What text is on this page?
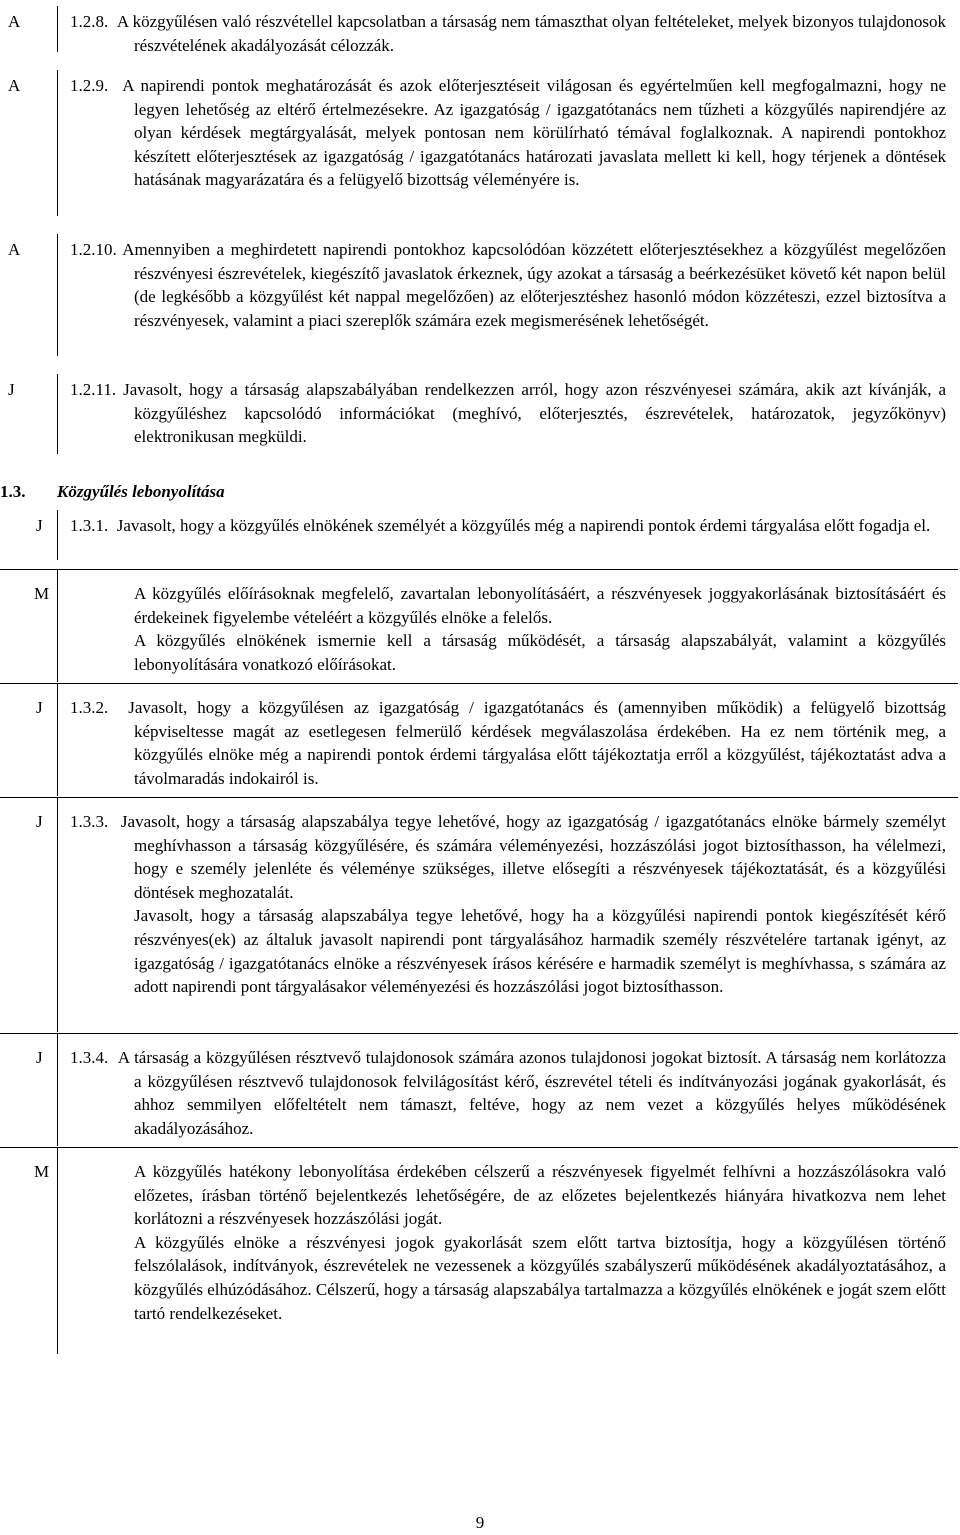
A	1.2.8.  A közgyűlésen való részvétellel kapcsolatban a társaság nem támaszthat olyan feltételeket, melyek bizonyos tulajdonosok részvételének akadályozását célozzák.

A	1.2.9.  A napirendi pontok meghatározását és azok előterjesztéseit világosan és egyértelműen kell megfogalmazni, hogy ne legyen lehetőség az eltérő értelmezésekre. Az igazgatóság / igazgatótanács nem tűzheti a közgyűlés napirendjére az olyan kérdések megtárgyalását, melyek pontosan nem körülírható témával foglalkoznak. A napirendi pontokhoz készített előterjesztések az igazgatóság / igazgatótanács határozati javaslata mellett ki kell, hogy térjenek a döntések hatásának magyarázatára és a felügyelő bizottság véleményére is.

A	1.2.10. Amennyiben a meghirdetett napirendi pontokhoz kapcsolódóan közzétett előterjesztésekhez a közgyűlést megelőzően részvényesi észrevételek, kiegészítő javaslatok érkeznek, úgy azokat a társaság a beérkezésüket követő két napon belül (de legkésőbb a közgyűlést két nappal megelőzően) az előterjesztéshez hasonló módon közzéteszi, ezzel biztosítva a részvényesek, valamint a piaci szereplők számára ezek megismerésének lehetőségét.

J	1.2.11. Javasolt, hogy a társaság alapszabályában rendelkezzen arról, hogy azon részvényesei számára, akik azt kívánják, a közgyűléshez kapcsolódó információkat (meghívó, előterjesztés, észrevételek, határozatok, jegyzőkönyv) elektronikusan megküldi.

1.3. Közgyűlés lebonyolítása
J 1.3.1.  Javasolt, hogy a közgyűlés elnökének személyét a közgyűlés még a napirendi pontok érdemi tárgyalása előtt fogadja el.

M	A közgyűlés előírásoknak megfelelő, zavartalan lebonyolításáért, a részvényesek joggyakorlásának biztosításáért és érdekeinek figyelembe vételéért a közgyűlés elnöke a felelős.

A közgyűlés elnökének ismernie kell a társaság működését, a társaság alapszabályát, valamint a közgyűlés lebonyolítására vonatkozó előírásokat.

J 1.3.2.  Javasolt, hogy a közgyűlésen az igazgatóság / igazgatótanács és (amennyiben működik) a felügyelő bizottság képviseltesse magát az esetlegesen felmerülő kérdések megválaszolása érdekében. Ha ez nem történik meg, a közgyűlés elnöke még a napirendi pontok érdemi tárgyalása előtt tájékoztatja erről a közgyűlést, tájékoztatást adva a távolmaradás indokairól is.

J 1.3.3.  Javasolt, hogy a társaság alapszabálya tegye lehetővé, hogy az igazgatóság / igazgatótanács elnöke bármely személyt meghívhasson a társaság közgyűlésére, és számára véleményezési, hozzászólási jogot biztosíthasson, ha vélelmezi, hogy e személy jelenléte és véleménye szükséges, illetve elősegíti a részvényesek tájékoztatását, és a közgyűlési döntések meghozatalát.

Javasolt, hogy a társaság alapszabálya tegye lehetővé, hogy ha a közgyűlési napirendi pontok kiegészítését kérő részvényes(ek) az általuk javasolt napirendi pont tárgyalásához harmadik személy részvételére tartanak igényt, az igazgatóság / igazgatótanács elnöke a részvényesek írásos kérésére e harmadik személyt is meghívhassa, s számára az adott napirendi pont tárgyalásakor véleményezési és hozzászólási jogot biztosíthasson.

J 1.3.4.  A társaság a közgyűlésen résztvevő tulajdonosok számára azonos tulajdonosi jogokat biztosít. A társaság nem korlátozza a közgyűlésen résztvevő tulajdonosok felvilágosítást kérő, észrevétel tételi és indítványozási jogának gyakorlását, és ahhoz semmilyen előfeltételt nem támaszt, feltéve, hogy az nem vezet a közgyűlés helyes működésének akadályozásához.

M	A közgyűlés hatékony lebonyolítása érdekében célszerű a részvényesek figyelmét felhívni a hozzászólásokra való előzetes, írásban történő bejelentkezés lehetőségére, de az előzetes bejelentkezés hiányára hivatkozva nem lehet korlátozni a részvényesek hozzászólási jogát.

A közgyűlés elnöke a részvényesi jogok gyakorlását szem előtt tartva biztosítja, hogy a közgyűlésen történő felszólalások, indítványok, észrevételek ne vezessenek a közgyűlés szabályszerű működésének akadályoztatásához, a közgyűlés elhúzódásához. Célszerű, hogy a társaság alapszabálya tartalmazza a közgyűlés elnökének e jogát szem előtt tartó rendelkezéseket.

9
